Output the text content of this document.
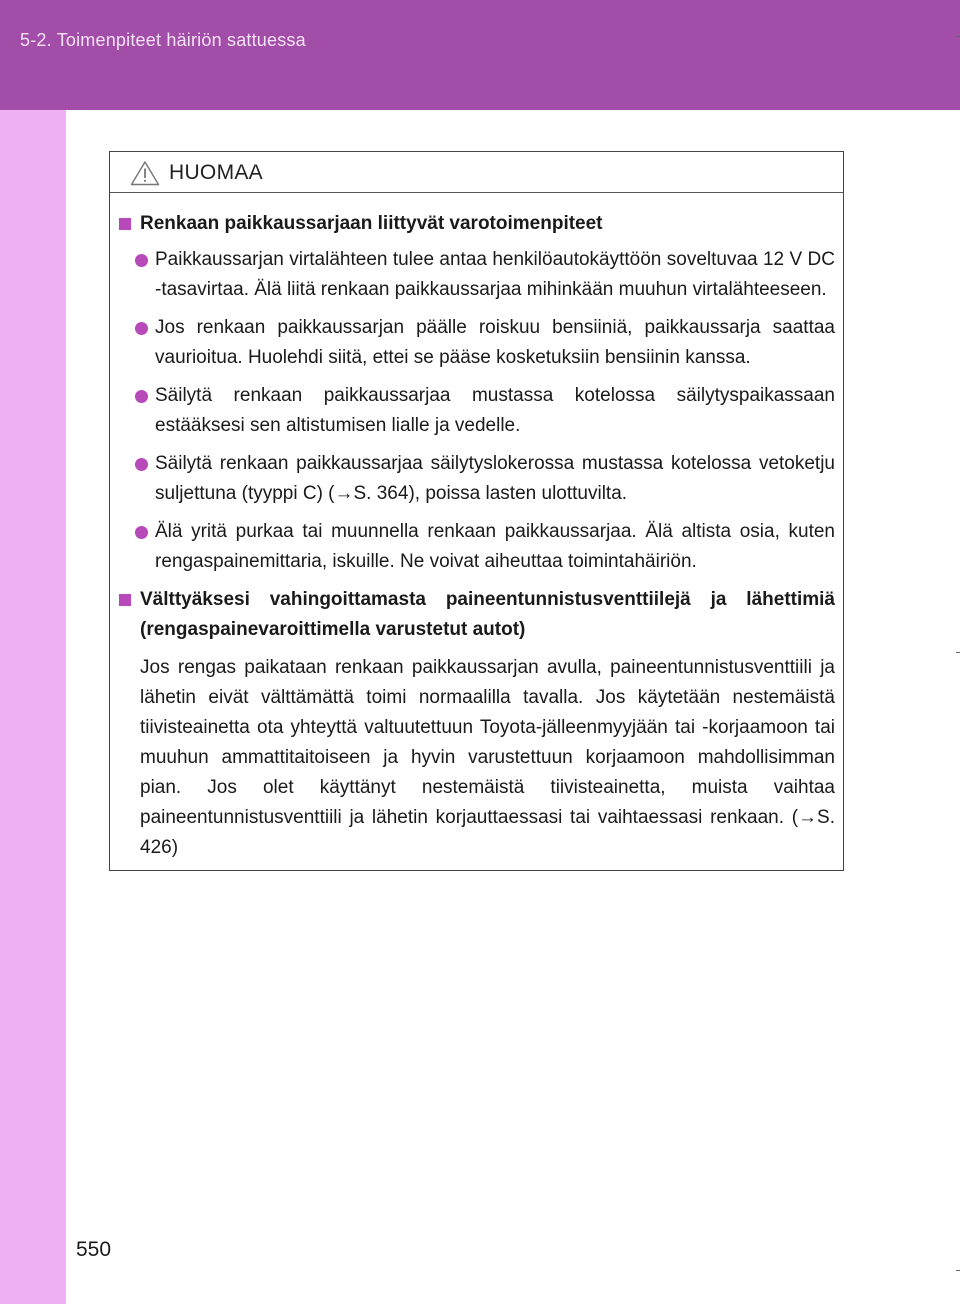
5-2. Toimenpiteet häiriön sattuessa
HUOMAA
Renkaan paikkaussarjaan liittyvät varotoimenpiteet
Paikkaussarjan virtalähteen tulee antaa henkilöautokäyttöön soveltuvaa 12 V DC -tasavirtaa. Älä liitä renkaan paikkaussarjaa mihinkään muuhun virtalähteeseen.
Jos renkaan paikkaussarjan päälle roiskuu bensiiniä, paikkaussarja saattaa vaurioitua. Huolehdi siitä, ettei se pääse kosketuksiin bensiinin kanssa.
Säilytä renkaan paikkaussarjaa mustassa kotelossa säilytyspaikassaan estääksesi sen altistumisen lialle ja vedelle.
Säilytä renkaan paikkaussarjaa säilytyslokerossa mustassa kotelossa vetoketju suljettuna (tyyppi C) (→S. 364), poissa lasten ulottuvilta.
Älä yritä purkaa tai muunnella renkaan paikkaussarjaa. Älä altista osia, kuten rengaspainemittaria, iskuille. Ne voivat aiheuttaa toimintahäiriön.
Välttyäksesi vahingoittamasta paineentunnistusventtiilejä ja lähettimiä (rengaspainevaroittimella varustetut autot)
Jos rengas paikataan renkaan paikkaussarjan avulla, paineentunnistusventtiili ja lähetin eivät välttämättä toimi normaalilla tavalla. Jos käytetään nestemäistä tiivisteainetta ota yhteyttä valtuutettuun Toyota-jälleenmyyjään tai -korjaamoon tai muuhun ammattitaitoiseen ja hyvin varustettuun korjaamoon mahdollisimman pian. Jos olet käyttänyt nestemäistä tiivisteainetta, muista vaihtaa paineentunnistusventtiili ja lähetin korjauttaessasi tai vaihtaessasi renkaan. (→S. 426)
550
